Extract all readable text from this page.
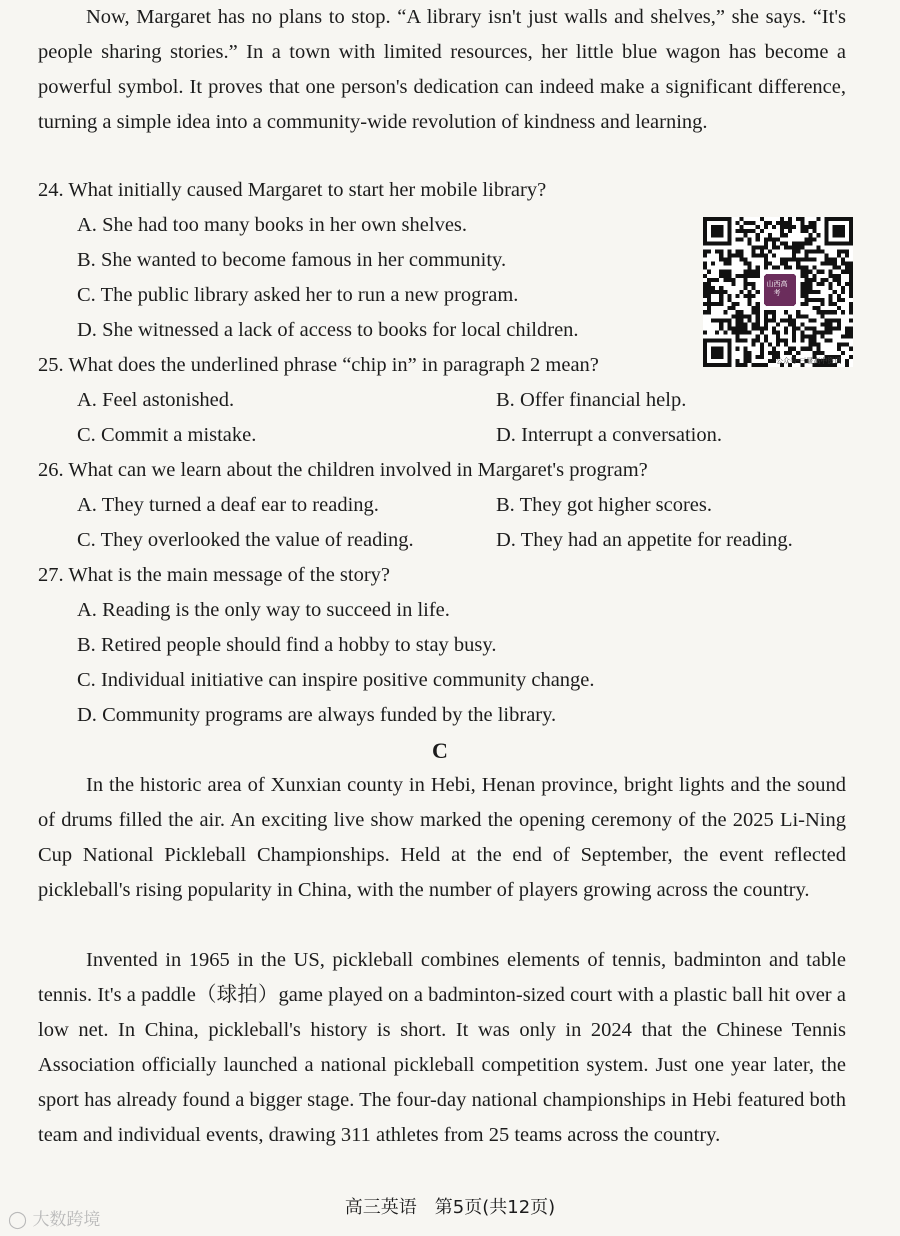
Now, Margaret has no plans to stop. “A library isn't just walls and shelves,” she says. “It's people sharing stories.” In a town with limited resources, her little blue wagon has become a powerful symbol. It proves that one person's dedication can indeed make a significant difference, turning a simple idea into a community-wide revolution of kindness and learning.
24. What initially caused Margaret to start her mobile library?
A. She had too many books in her own shelves.
B. She wanted to become famous in her community.
C. The public library asked her to run a new program.
D. She witnessed a lack of access to books for local children.
山西高考
公众号·三晟高中资讯
25. What does the underlined phrase “chip in” in paragraph 2 mean?
A. Feel astonished.	B. Offer financial help.
C. Commit a mistake.	D. Interrupt a conversation.
26. What can we learn about the children involved in Margaret's program?
A. They turned a deaf ear to reading.	B. They got higher scores.
C. They overlooked the value of reading.	D. They had an appetite for reading.
27. What is the main message of the story?
A. Reading is the only way to succeed in life.
B. Retired people should find a hobby to stay busy.
C. Individual initiative can inspire positive community change.
D. Community programs are always funded by the library.
C
In the historic area of Xunxian county in Hebi, Henan province, bright lights and the sound of drums filled the air. An exciting live show marked the opening ceremony of the 2025 Li-Ning Cup National Pickleball Championships. Held at the end of September, the event reflected pickleball's rising popularity in China, with the number of players growing across the country.
Invented in 1965 in the US, pickleball combines elements of tennis, badminton and table tennis. It's a paddle（球拍）game played on a badminton-sized court with a plastic ball hit over a low net. In China, pickleball's history is short. It was only in 2024 that the Chinese Tennis Association officially launched a national pickleball competition system. Just one year later, the sport has already found a bigger stage. The four-day national championships in Hebi featured both team and individual events, drawing 311 athletes from 25 teams across the country.
高三英语　第5页(共12页)
◯ 大数跨境
